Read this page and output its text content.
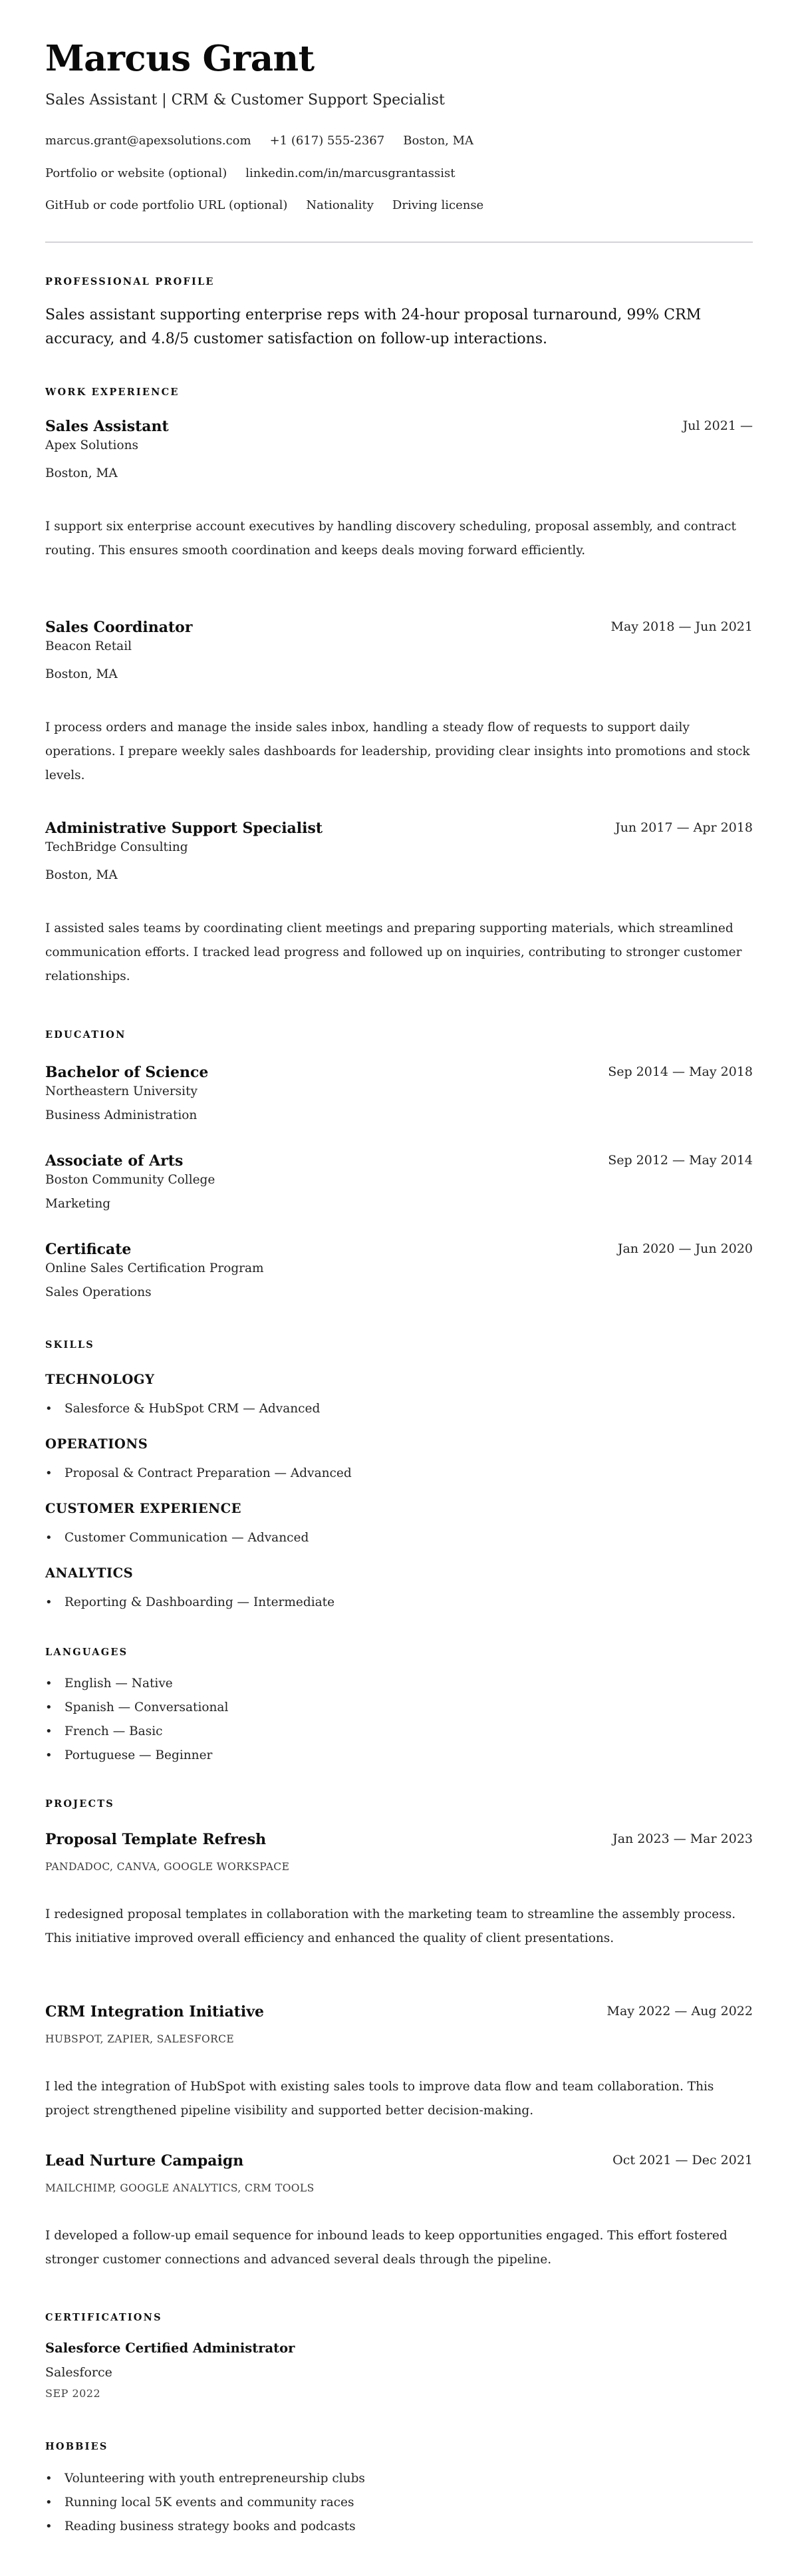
Marcus Grant
Sales Assistant | CRM & Customer Support Specialist
marcus.grant@apexsolutions.com +1 (617) 555-2367 Boston, MA
Portfolio or website (optional) linkedin.com/in/marcusgrantassist
GitHub or code portfolio URL (optional) Nationality Driving license
PROFESSIONAL PROFILE

Sales assistant supporting enterprise reps with 24-hour proposal turnaround, 99% CRM accuracy, and 4.8/5 customer satisfaction on follow-up interactions.

WORK EXPERIENCE
Sales Assistant	Jul 2021 —
Apex Solutions
Boston, MA

I support six enterprise account executives by handling discovery scheduling, proposal assembly, and contract routing. This ensures smooth coordination and keeps deals moving forward efficiently.

Sales Coordinator	May 2018 — Jun 2021
Beacon Retail
Boston, MA

I process orders and manage the inside sales inbox, handling a steady flow of requests to support daily operations. I prepare weekly sales dashboards for leadership, providing clear insights into promotions and stock levels.

Administrative Support Specialist	Jun 2017 — Apr 2018
TechBridge Consulting
Boston, MA

I assisted sales teams by coordinating client meetings and preparing supporting materials, which streamlined communication efforts. I tracked lead progress and followed up on inquiries, contributing to stronger customer relationships.

EDUCATION
Bachelor of Science	Sep 2014 — May 2018
Northeastern University
Business Administration
Associate of Arts	Sep 2012 — May 2014
Boston Community College
Marketing
Certificate	Jan 2020 — Jun 2020
Online Sales Certification Program
Sales Operations
SKILLS
TECHNOLOGY
• Salesforce & HubSpot CRM — Advanced
OPERATIONS
• Proposal & Contract Preparation — Advanced
CUSTOMER EXPERIENCE
• Customer Communication — Advanced
ANALYTICS
• Reporting & Dashboarding — Intermediate
LANGUAGES
• English — Native
• Spanish — Conversational
• French — Basic
• Portuguese — Beginner
PROJECTS
Proposal Template Refresh	Jan 2023 — Mar 2023
PANDADOC, CANVA, GOOGLE WORKSPACE

I redesigned proposal templates in collaboration with the marketing team to streamline the assembly process. This initiative improved overall efficiency and enhanced the quality of client presentations.

CRM Integration Initiative	May 2022 — Aug 2022
HUBSPOT, ZAPIER, SALESFORCE

I led the integration of HubSpot with existing sales tools to improve data flow and team collaboration. This project strengthened pipeline visibility and supported better decision-making.

Lead Nurture Campaign	Oct 2021 — Dec 2021
MAILCHIMP, GOOGLE ANALYTICS, CRM TOOLS

I developed a follow-up email sequence for inbound leads to keep opportunities engaged. This effort fostered stronger customer connections and advanced several deals through the pipeline.

CERTIFICATIONS
Salesforce Certified Administrator
Salesforce
SEP 2022
HOBBIES
• Volunteering with youth entrepreneurship clubs
• Running local 5K events and community races
• Reading business strategy books and podcasts
